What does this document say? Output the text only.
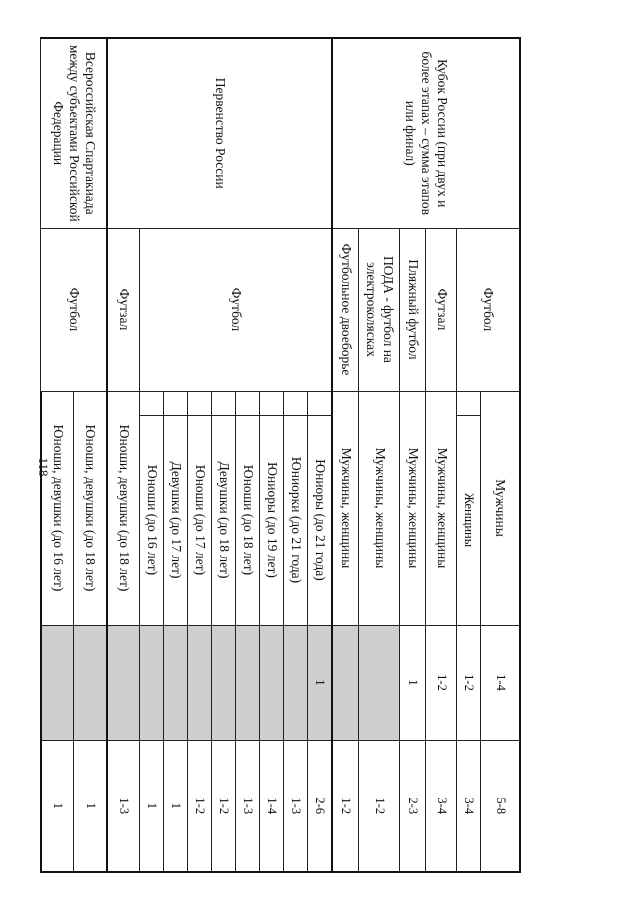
118
Кубок России (при двух и более этапах – сумма этапов или финал)	Футбол	Мужчины		1-4	5-8
			Женщины	1-2	3-4
	Футзал	Мужчины, женщины		1-2	3-4
	Пляжный футбол	Мужчины, женщины		1	2-3
	ПОДА - футбол на электроколясках	Мужчины, женщины			1-2
	Футбольное двоеборье	Мужчины, женщины			1-2
Первенство России	Футбол		Юниоры (до 21 года)	1	2-6
			Юниорки (до 21 года)		1-3
			Юниоры (до 19 лет)		1-4
			Юноши (до 18 лет)		1-3
			Девушки (до 18 лет)		1-2
			Юноши (до 17 лет)		1-2
			Девушки (до 17 лет)		1
			Юноши (до 16 лет)		1
	Футзал	Юноши, девушки (до 18 лет)			1-3
Всероссийская Спартакиада между субъектами Российской Федерации	Футбол	Юноши, девушки (до 18 лет)			1
		Юноши, девушки (до 16 лет)			1
